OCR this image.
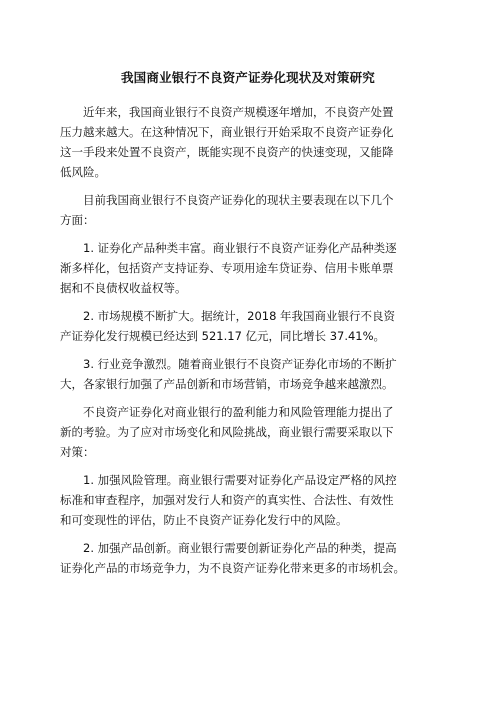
我国商业银行不良资产证券化现状及对策研究

近年来，我国商业银行不良资产规模逐年增加，不良资产处置
压力越来越大。在这种情况下，商业银行开始采取不良资产证券化
这一手段来处置不良资产，既能实现不良资产的快速变现，又能降
低风险。

目前我国商业银行不良资产证券化的现状主要表现在以下几个
方面：

1. 证券化产品种类丰富。商业银行不良资产证券化产品种类逐
渐多样化，包括资产支持证券、专项用途车贷证券、信用卡账单票
据和不良债权收益权等。

2. 市场规模不断扩大。据统计，2018 年我国商业银行不良资
产证券化发行规模已经达到 521.17 亿元，同比增长 37.41%。

3. 行业竞争激烈。随着商业银行不良资产证券化市场的不断扩
大，各家银行加强了产品创新和市场营销，市场竞争越来越激烈。

不良资产证券化对商业银行的盈利能力和风险管理能力提出了
新的考验。为了应对市场变化和风险挑战，商业银行需要采取以下
对策：

1. 加强风险管理。商业银行需要对证券化产品设定严格的风控
标准和审查程序，加强对发行人和资产的真实性、合法性、有效性
和可变现性的评估，防止不良资产证券化发行中的风险。

2. 加强产品创新。商业银行需要创新证券化产品的种类，提高
证券化产品的市场竞争力，为不良资产证券化带来更多的市场机会。
